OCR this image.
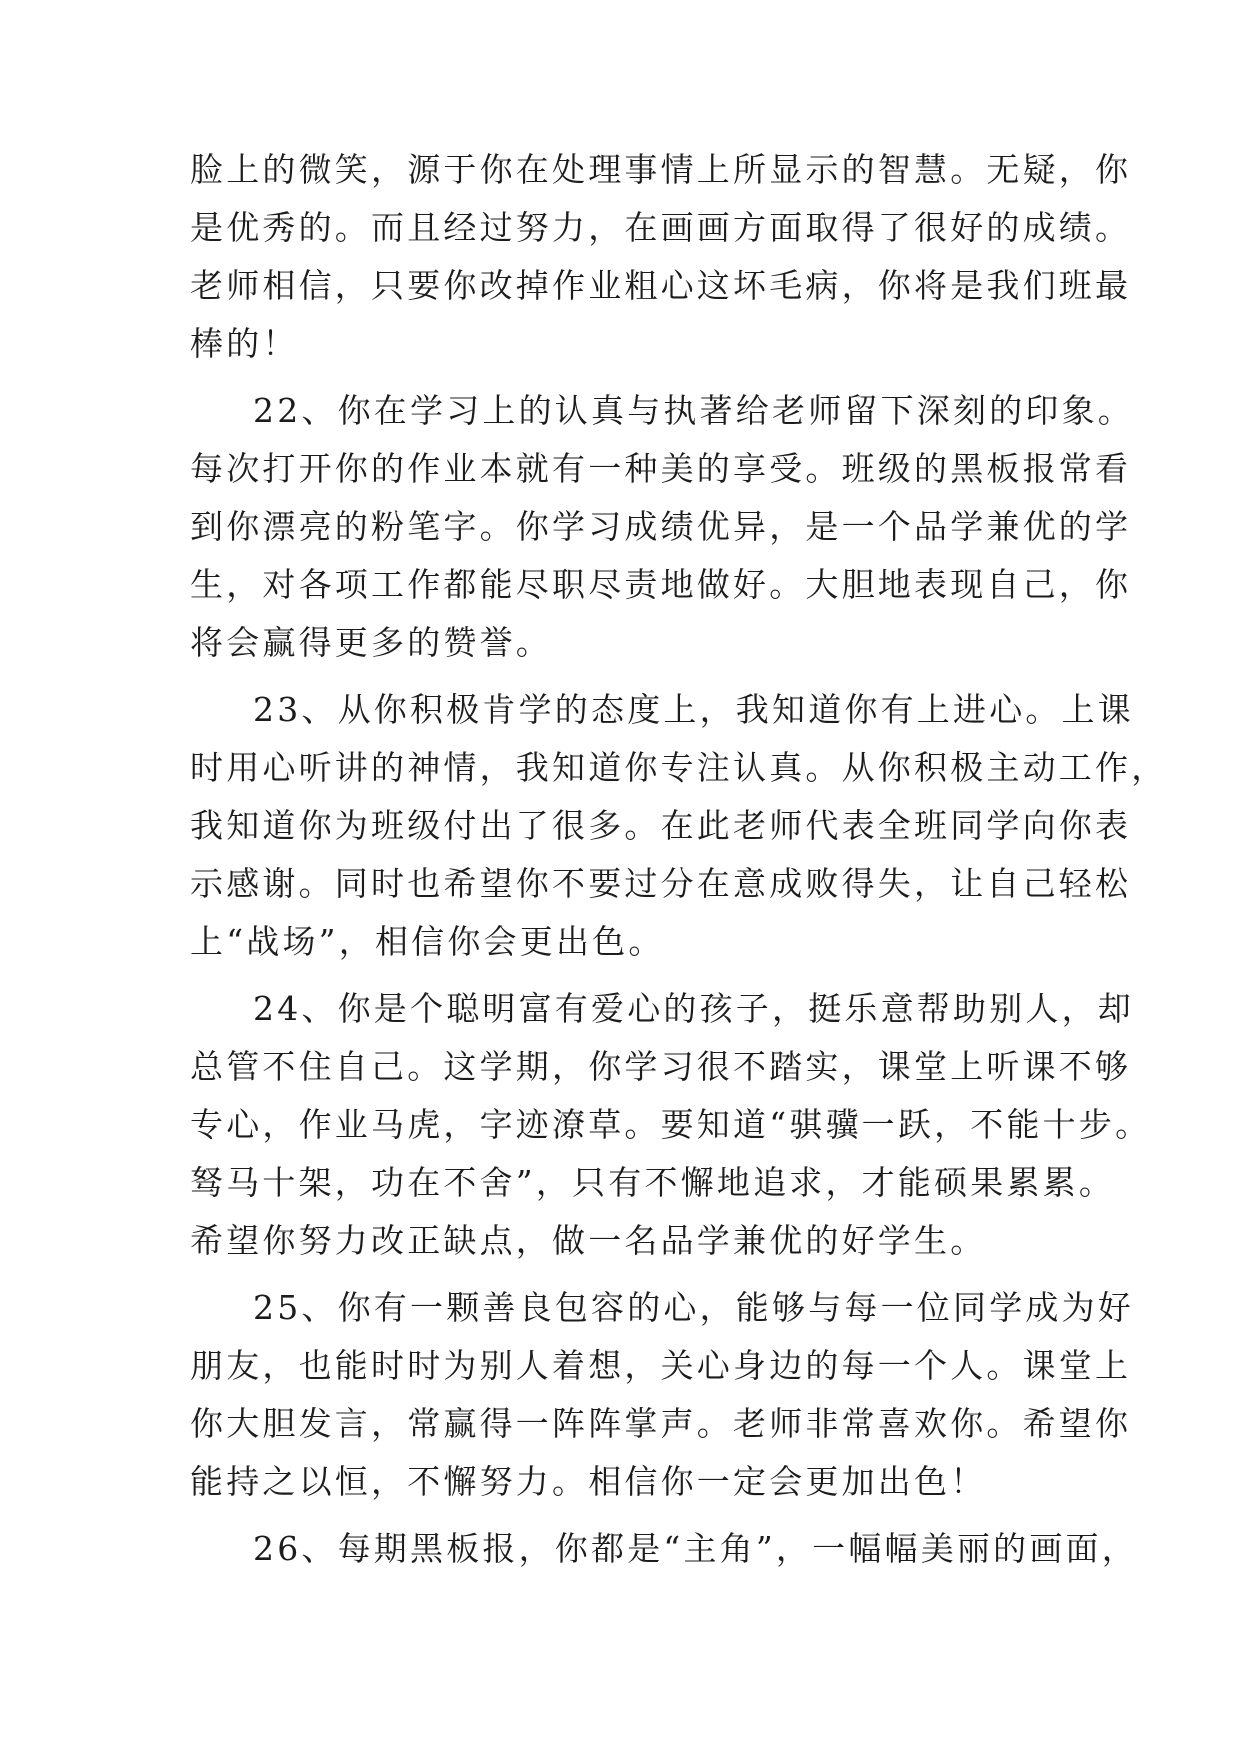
脸上的微笑，源于你在处理事情上所显示的智慧。无疑，你
是优秀的。而且经过努力，在画画方面取得了很好的成绩。
老师相信，只要你改掉作业粗心这坏毛病，你将是我们班最
棒的！
22、你在学习上的认真与执著给老师留下深刻的印象。
每次打开你的作业本就有一种美的享受。班级的黑板报常看
到你漂亮的粉笔字。你学习成绩优异，是一个品学兼优的学
生，对各项工作都能尽职尽责地做好。大胆地表现自己，你
将会赢得更多的赞誉。
23、从你积极肯学的态度上，我知道你有上进心。上课
时用心听讲的神情，我知道你专注认真。从你积极主动工作，
我知道你为班级付出了很多。在此老师代表全班同学向你表
示感谢。同时也希望你不要过分在意成败得失，让自己轻松
上“战场”，相信你会更出色。
24、你是个聪明富有爱心的孩子，挺乐意帮助别人，却
总管不住自己。这学期，你学习很不踏实，课堂上听课不够
专心，作业马虎，字迹潦草。要知道“骐骥一跃，不能十步。
驽马十架，功在不舍”，只有不懈地追求，才能硕果累累。
希望你努力改正缺点，做一名品学兼优的好学生。
25、你有一颗善良包容的心，能够与每一位同学成为好
朋友，也能时时为别人着想，关心身边的每一个人。课堂上
你大胆发言，常赢得一阵阵掌声。老师非常喜欢你。希望你
能持之以恒，不懈努力。相信你一定会更加出色！
26、每期黑板报，你都是“主角”，一幅幅美丽的画面，
